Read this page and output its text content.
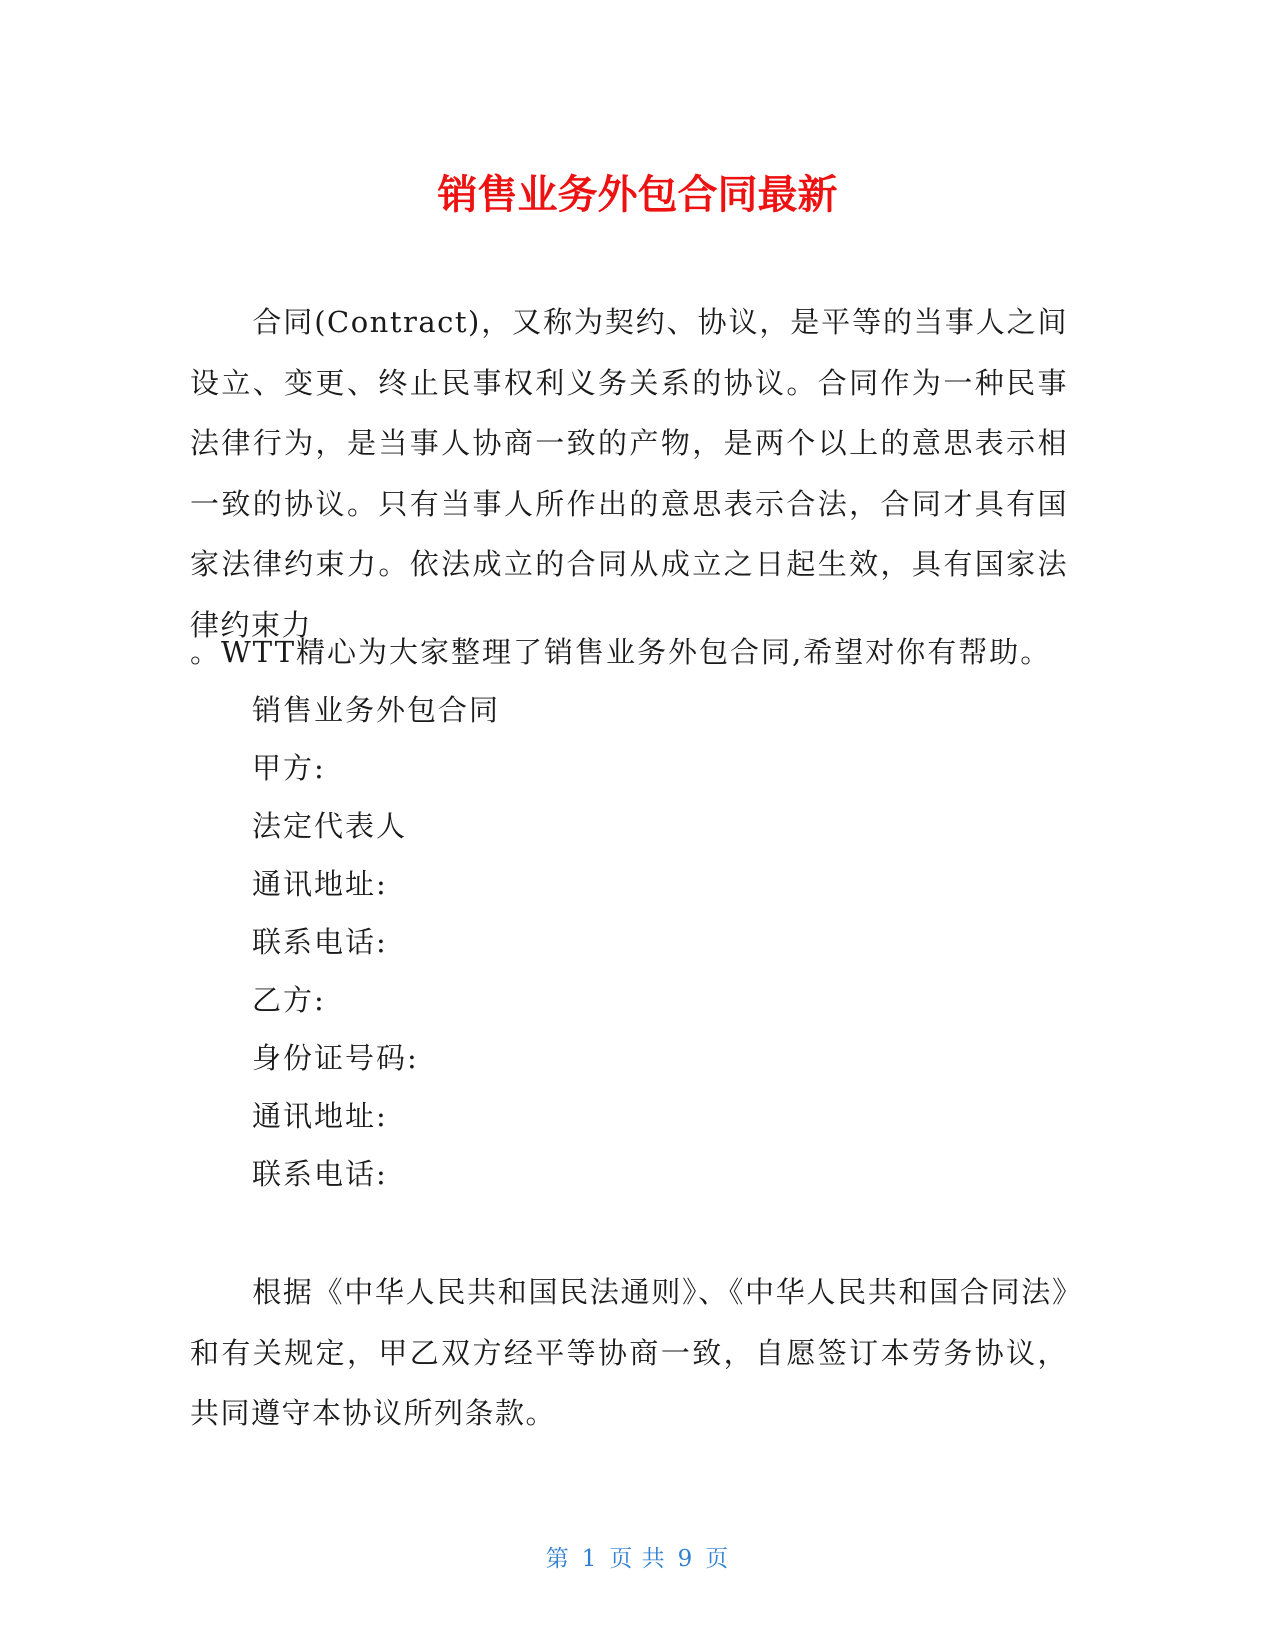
销售业务外包合同最新

合同(Contract)，又称为契约、协议，是平等的当事人之间设立、变更、终止民事权利义务关系的协议。合同作为一种民事法律行为，是当事人协商一致的产物，是两个以上的意思表示相一致的协议。只有当事人所作出的意思表示合法，合同才具有国家法律约束力。依法成立的合同从成立之日起生效，具有国家法律约束力

。WTT精心为大家整理了销售业务外包合同,希望对你有帮助。

销售业务外包合同

甲方:

法定代表人

通讯地址:

联系电话:

乙方:

身份证号码:

通讯地址:

联系电话:

根据《中华人民共和国民法通则》、《中华人民共和国合同法》和有关规定，甲乙双方经平等协商一致，自愿签订本劳务协议，共同遵守本协议所列条款。

第 1 页 共 9 页
